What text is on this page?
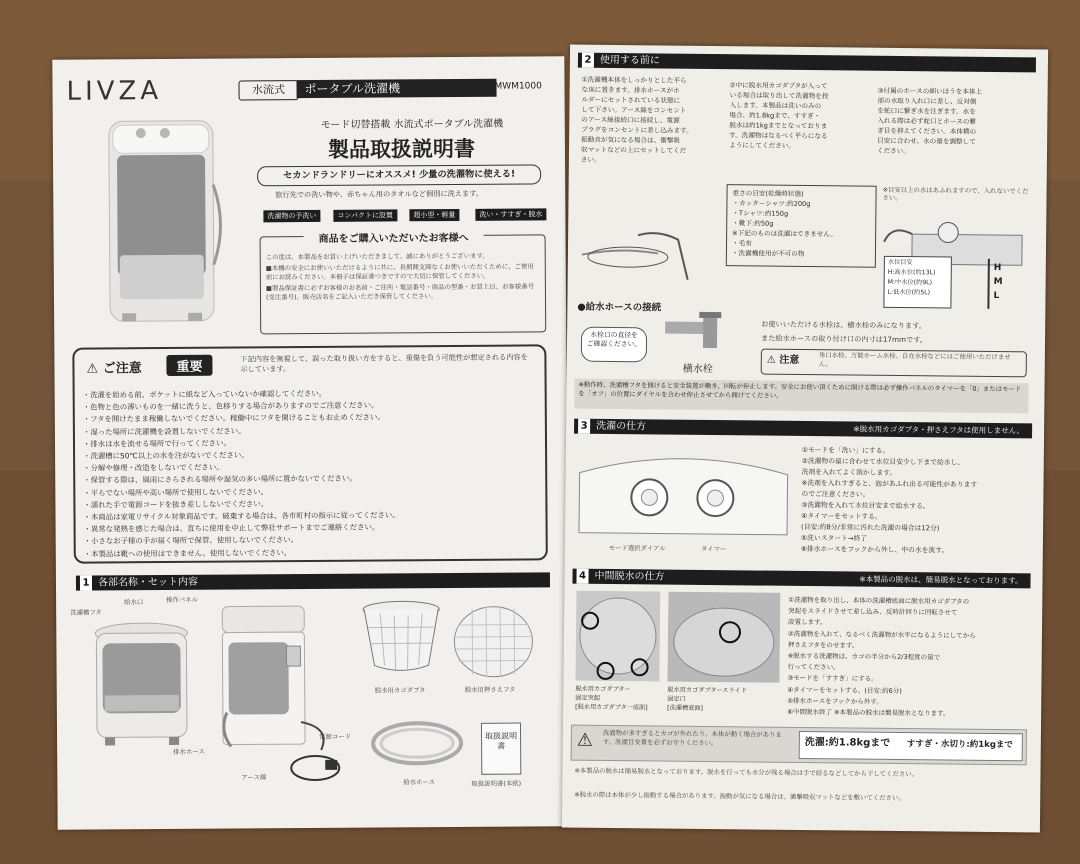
LIVZA	水流式	ポータブル洗濯機	MWM1000
モード切替搭載 水流式ポータブル洗濯機
製品取扱説明書
セカンドランドリーにオススメ! 少量の洗濯物に使える!
旅行先での洗い物や、赤ちゃん用のタオルなど個別に洗えます。
洗濯物の予洗い	コンパクトに設置	超小型・軽量	洗い・すすぎ・脱水
商品をご購入いただいたお客様へ
この度は、本製品をお買い上げいただきまして、誠にありがとうございます。
■本機の安全にお使いいただけるように共に、長期間支障なくお使いいただくために、ご使用前にお読みください。本冊子は保証書つきですので大切に保管してください。
■製品保証書に必ずお客様のお名前・ご住所・電話番号・商品の型番・お買上日、お客様番号(受注番号)、販売店名をご記入いただき保管してください。
⚠ ご注意	重要
下記内容を無視して、誤った取り扱い方をすると、重傷を負う可能性が想定される内容を示しています。
・洗濯を始める前、ポケットに紙など入っていないか確認してください。
・色物と色の薄いものを一緒に洗うと、色移りする場合がありますのでご注意ください。
・フタを開けたまま稼働しないでください。稼働中にフタを開けることもお止めください。
・湿った場所に洗濯機を設置しないでください。
・排水は水を流せる場所で行ってください。
・洗濯槽に50℃以上の水を注がないでください。
・分解や修理・改造をしないでください。
・保管する際は、風雨にさらされる場所や湿気の多い場所に置かないでください。
・平らでない場所や高い場所で使用しないでください。
・濡れた手で電源コードを抜き差ししないでください。
・本商品は家電リサイクル対象商品です。破棄する場合は、各市町村の指示に従ってください。
・異常な発熱を感じた場合は、直ちに使用を中止して弊社サポートまでご連絡ください。
・小さなお子様の手が届く場所で保管、使用しないでください。
・本製品は靴への使用はできません。使用しないでください。
1 各部名称・セット内容
給水口	操作パネル
洗濯槽フタ
排水ホース
電源コード
アース線
脱水用カゴダプタ	脱水用押さえフタ
給水ホース
取扱説明書
取扱説明書(本紙)
2 使用する前に
①洗濯機本体をしっかりとした平ら
な床に置きます。排水ホースがホ
ルダーにセットされている状態に
して下さい。アース線をコンセント
のアース線接続口に接続し、電源
プラグをコンセントに差し込みます。
振動音が気になる場合は、衝撃吸
収マットなどの上にセットしてくだ
さい。
②中に脱水用カゴダプタが入って
いる場合は取り出して洗濯物を投
入します。本製品は洗いのみの
場合、約1.8kgまで、すすぎ・
脱水は約1kgまでとなっておりま
す。洗濯物はなるべく平らになる
ようにしてください。
③付属のホースの細いほうを本体上
部の水取り入れ口に差し、反対側
を蛇口に繋ぎ水を注ぎます。水を
入れる際は必ず蛇口とホースの繋
ぎ目を抑えてください。本体横の
目安に合わせ、水の量を調整して
ください。
重さの目安(乾燥時状態)
・カッターシャツ:約200g
・Tシャツ:約150g
・靴下:約50g
※下記のものは洗濯はできません。
・毛布
・洗濯機使用が不可の物
※目安以上の水はあふれますので、入れないでください。
水位目安
H:高水位(約13L)
M:中水位(約9L)
L:低水位(約5L)
H
M
L
●給水ホースの接続
水栓口の直径を
ご確認ください。
横水栓
お使いいただける水栓は、横水栓のみになります。
また給水ホースの取り付け口の内寸は17mmです。
⚠ 注意	角口水栓、万能ホーム水栓、自在水栓などにはご使用いただけません。
※動作時、洗濯槽フタを開けると安全装置が働き、回転が停止します。安全にお使い頂くために開ける際は必ず操作パネルのタイマーを「0」またはモードを「オフ」の位置にダイヤルを合わせ停止させてから開けてください。
3 洗濯の仕方	※脱水用カゴダプタ・押さえフタは使用しません。
モード選択ダイアル	タイマー
①モードを「洗い」にする。
②洗濯物の量に合わせて水位目安少し下まで給水し、
洗剤を入れてよく溶かします。
※洗剤を入れすぎると、泡があふれ出る可能性があります
のでご注意ください。
③洗濯物を入れて水位目安まで給水する。
④タイマーをセットする。
(目安:約8分/非常に汚れた洗濯の場合は12分)
⑤洗いスタート→終了
⑥排水ホースをフックから外し、中の水を流す。
4 中間脱水の仕方	※本製品の脱水は、簡易脱水となっております。
脱水用カゴダプター
固定突起
[脱水用カゴダプタ一底面]
脱水用カゴダプタースライド
固定口
[洗濯槽底面]
①洗濯物を取り出し、本体の洗濯槽底面に脱水用カゴダプタの
突起をスライドさせて差し込み、反時計回りに回転させて
設置します。
②洗濯物を入れて、なるべく洗濯物が水平になるようにしてから
押さえフタをのせます。
※脱水する洗濯物は、カゴの半分から2/3程度の量で
行ってください。
③モードを「すすぎ」にする。
④タイマーをセットする。(目安:約6分)
⑤排水ホースをフックから外す。
⑥中間脱水終了 ※本製品の脱水は簡易脱水となります。
⚠ 洗濯物が多すぎるとカゴが外れたり、本体が動く場合があります。洗濯目安量を必ずお守りください。	洗濯:約1.8kgまで すすぎ・水切り:約1kgまで
※本製品の脱水は簡易脱水となっております。脱水を行っても水分が残る場合は手で絞るなどしてから干してください。
※脱水の際は本体が少し振動する場合があります。振動が気になる場合は、衝撃吸収マットなどを敷いてください。
